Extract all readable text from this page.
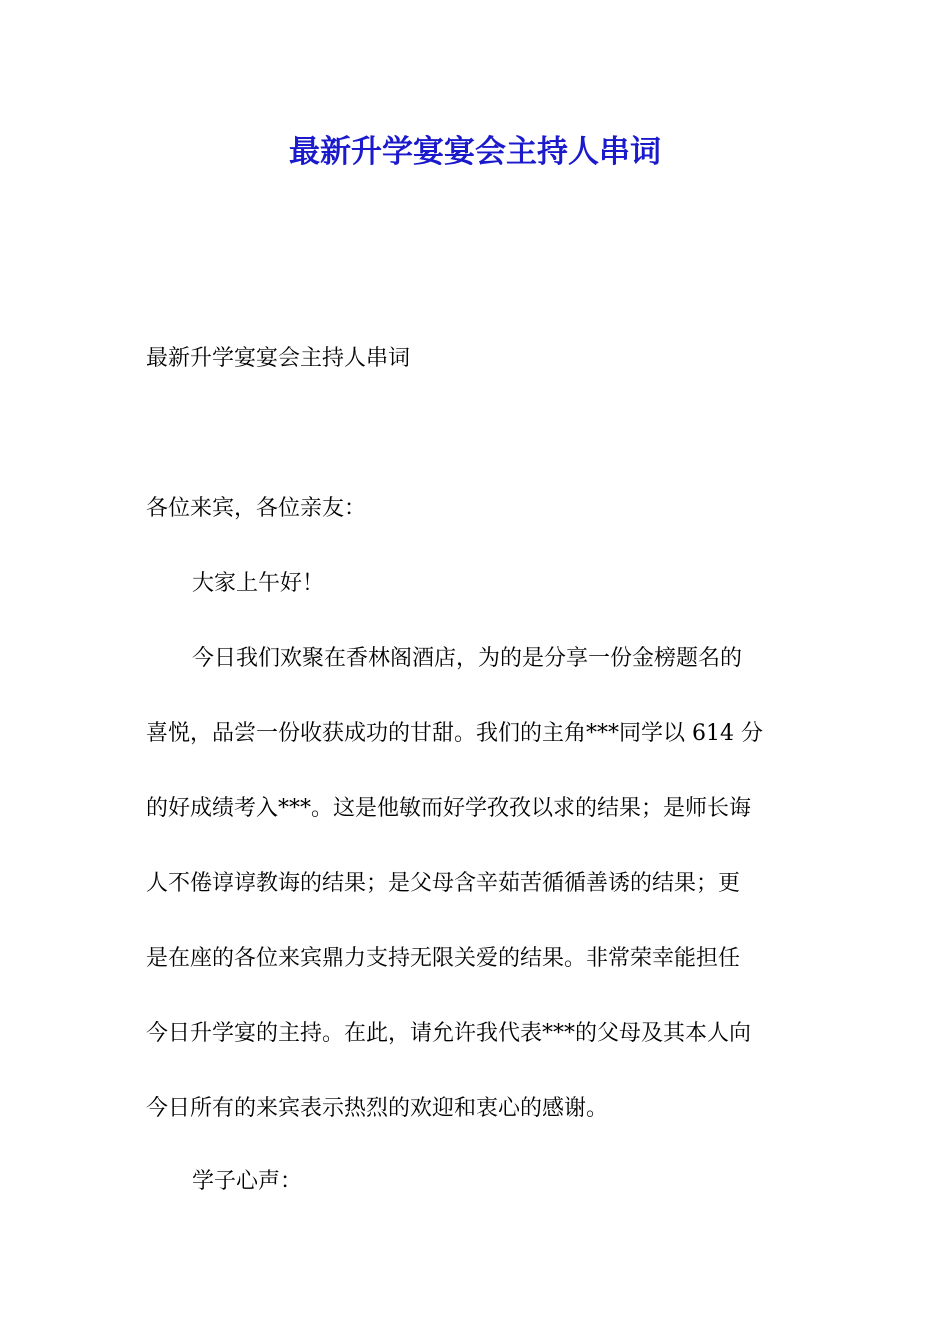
最新升学宴宴会主持人串词

最新升学宴宴会主持人串词

各位来宾，各位亲友：

大家上午好！

今日我们欢聚在香林阁酒店，为的是分享一份金榜题名的
喜悦，品尝一份收获成功的甘甜。我们的主角***同学以 614 分
的好成绩考入***。这是他敏而好学孜孜以求的结果；是师长诲
人不倦谆谆教诲的结果；是父母含辛茹苦循循善诱的结果；更
是在座的各位来宾鼎力支持无限关爱的结果。非常荣幸能担任
今日升学宴的主持。在此，请允许我代表***的父母及其本人向
今日所有的来宾表示热烈的欢迎和衷心的感谢。

学子心声：
